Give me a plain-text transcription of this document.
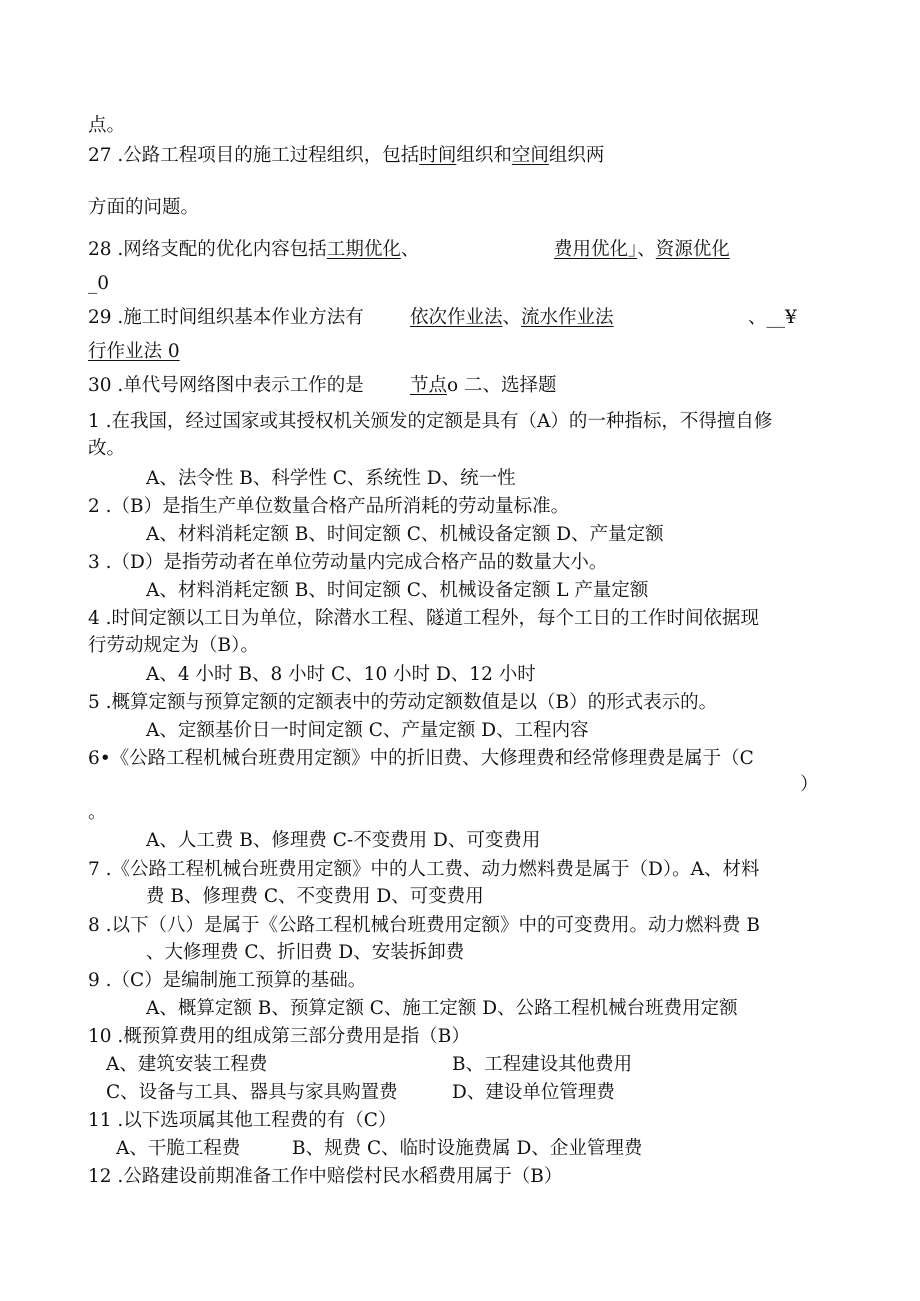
点。
27 .公路工程项目的施工过程组织，包括时间组织和空间组织两
方面的问题。
28 .网络支配的优化内容包括工期优化、	费用优化」、资源优化
_0
29 .施工时间组织基本作业方法有 依次作业法、流水作业法	、__¥
行作业法 0
30 .单代号网络图中表示工作的是 节点o 二、选择题
1 .在我国，经过国家或其授权机关颁发的定额是具有（A）的一种指标，不得擅自修
改。
A、法令性 B、科学性 C、系统性 D、统一性
2 .（B）是指生产单位数量合格产品所消耗的劳动量标准。
A、材料消耗定额 B、时间定额 C、机械设备定额 D、产量定额
3 .（D）是指劳动者在单位劳动量内完成合格产品的数量大小。
A、材料消耗定额 B、时间定额 C、机械设备定额 L 产量定额
4 .时间定额以工日为单位，除潜水工程、隧道工程外，每个工日的工作时间依据现
行劳动规定为（B）。
A、4 小时 B、8 小时 C、10 小时 D、12 小时
5 .概算定额与预算定额的定额表中的劳动定额数值是以（B）的形式表示的。
A、定额基价日一时间定额 C、产量定额 D、工程内容
6•《公路工程机械台班费用定额》中的折旧费、大修理费和经常修理费是属于（C
）
。
A、人工费 B、修理费 C-不变费用 D、可变费用
7 .《公路工程机械台班费用定额》中的人工费、动力燃料费是属于（D）。A、材料
费 B、修理费 C、不变费用 D、可变费用
8 .以下（八）是属于《公路工程机械台班费用定额》中的可变费用。动力燃料费 B
、大修理费 C、折旧费 D、安装拆卸费
9 .（C）是编制施工预算的基础。
A、概算定额 B、预算定额 C、施工定额 D、公路工程机械台班费用定额
10 .概预算费用的组成第三部分费用是指（B）
A、建筑安装工程费	B、工程建设其他费用
C、设备与工具、器具与家具购置费	D、建设单位管理费
11 .以下选项属其他工程费的有（C）
A、干脆工程费	B、规费 C、临时设施费属 D、企业管理费
12 .公路建设前期准备工作中赔偿村民水稻费用属于（B）
